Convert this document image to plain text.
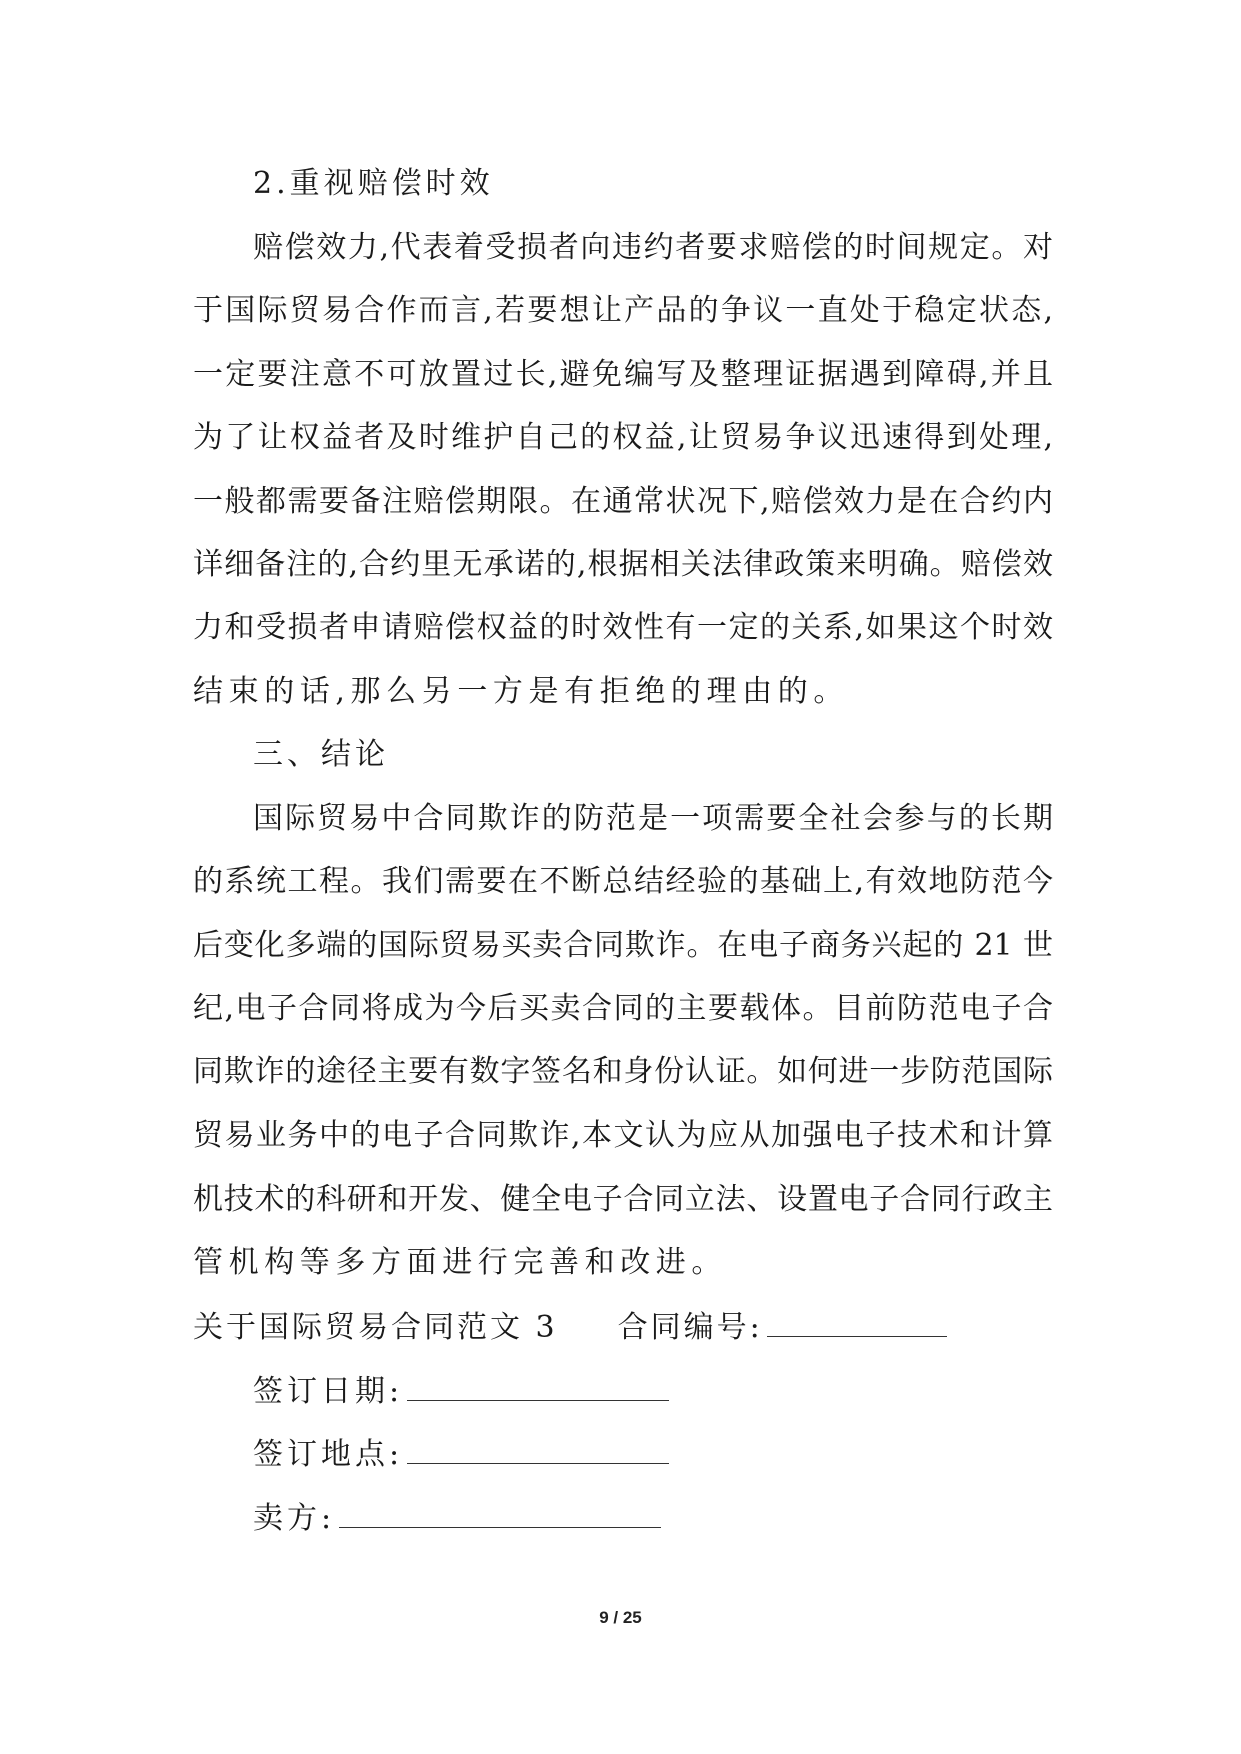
2.重视赔偿时效

赔偿效力,代表着受损者向违约者要求赔偿的时间规定。对

于国际贸易合作而言,若要想让产品的争议一直处于稳定状态,

一定要注意不可放置过长,避免编写及整理证据遇到障碍,并且

为了让权益者及时维护自己的权益,让贸易争议迅速得到处理,

一般都需要备注赔偿期限。在通常状况下,赔偿效力是在合约内

详细备注的,合约里无承诺的,根据相关法律政策来明确。赔偿效

力和受损者申请赔偿权益的时效性有一定的关系,如果这个时效

结束的话,那么另一方是有拒绝的理由的。

三、结论

国际贸易中合同欺诈的防范是一项需要全社会参与的长期

的系统工程。我们需要在不断总结经验的基础上,有效地防范今

后变化多端的国际贸易买卖合同欺诈。在电子商务兴起的 21 世

纪,电子合同将成为今后买卖合同的主要载体。目前防范电子合

同欺诈的途径主要有数字签名和身份认证。如何进一步防范国际

贸易业务中的电子合同欺诈,本文认为应从加强电子技术和计算

机技术的科研和开发、健全电子合同立法、设置电子合同行政主

管机构等多方面进行完善和改进。

关于国际贸易合同范文 3 合同编号:

签订日期:

签订地点:

卖方:

9 / 25
